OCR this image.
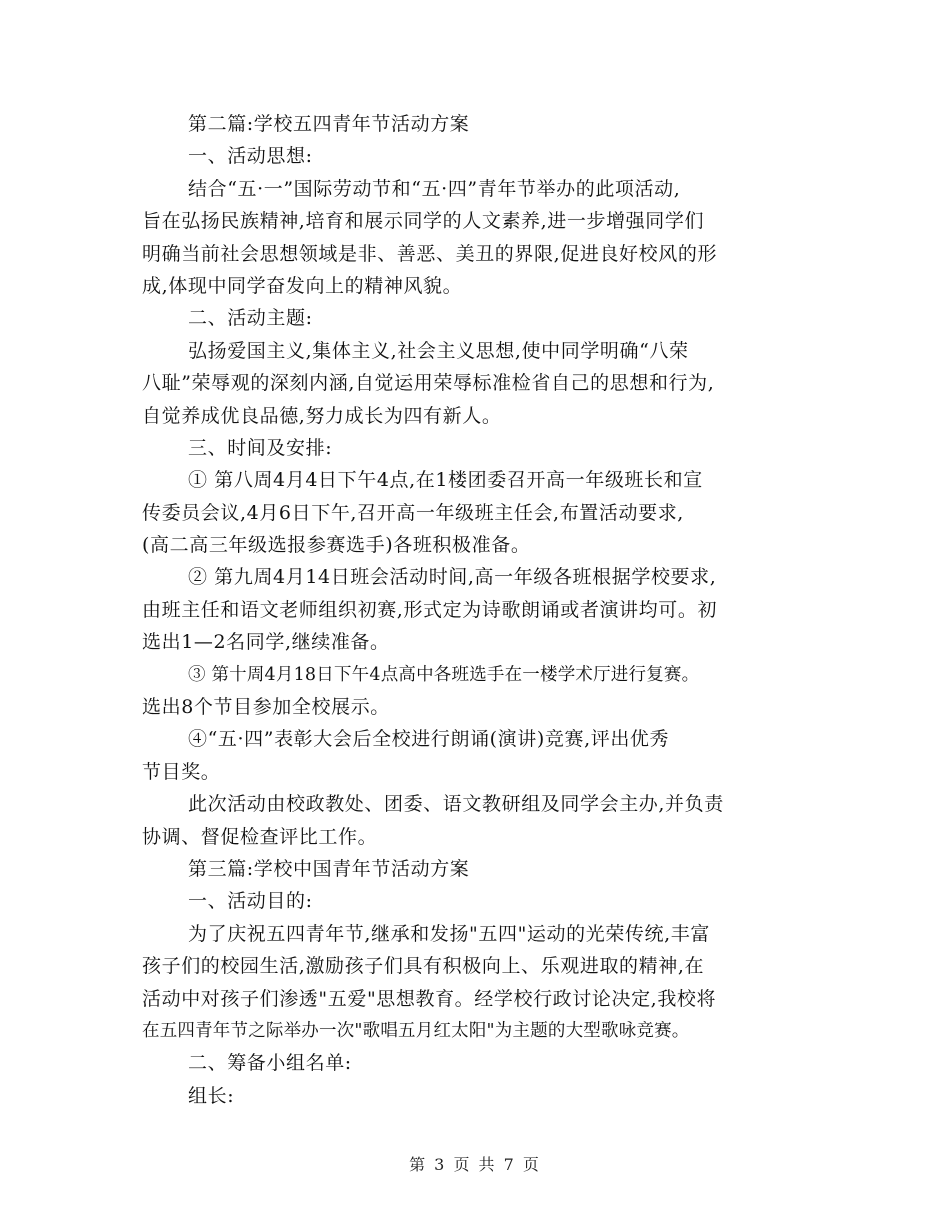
第二篇:学校五四青年节活动方案
一、活动思想:
结合“五·一”国际劳动节和“五·四”青年节举办的此项活动,
旨在弘扬民族精神,培育和展示同学的人文素养,进一步增强同学们
明确当前社会思想领域是非、善恶、美丑的界限,促进良好校风的形
成,体现中同学奋发向上的精神风貌。
二、活动主题:
弘扬爱国主义,集体主义,社会主义思想,使中同学明确“八荣
八耻”荣辱观的深刻内涵,自觉运用荣辱标准检省自己的思想和行为,
自觉养成优良品德,努力成长为四有新人。
三、时间及安排:
① 第八周4月4日下午4点,在1楼团委召开高一年级班长和宣
传委员会议,4月6日下午,召开高一年级班主任会,布置活动要求,
(高二高三年级选报参赛选手)各班积极准备。
② 第九周4月14日班会活动时间,高一年级各班根据学校要求,
由班主任和语文老师组织初赛,形式定为诗歌朗诵或者演讲均可。初
选出1—2名同学,继续准备。
③ 第十周4月18日下午4点高中各班选手在一楼学术厅进行复赛。
选出8个节目参加全校展示。
④“五·四”表彰大会后全校进行朗诵(演讲)竞赛,评出优秀
节目奖。
此次活动由校政教处、团委、语文教研组及同学会主办,并负责
协调、督促检查评比工作。
第三篇:学校中国青年节活动方案
一、活动目的:
为了庆祝五四青年节,继承和发扬"五四"运动的光荣传统,丰富
孩子们的校园生活,激励孩子们具有积极向上、乐观进取的精神,在
活动中对孩子们渗透"五爱"思想教育。经学校行政讨论决定,我校将
在五四青年节之际举办一次"歌唱五月红太阳"为主题的大型歌咏竞赛。
二、筹备小组名单:
组长:
第 3 页 共 7 页
